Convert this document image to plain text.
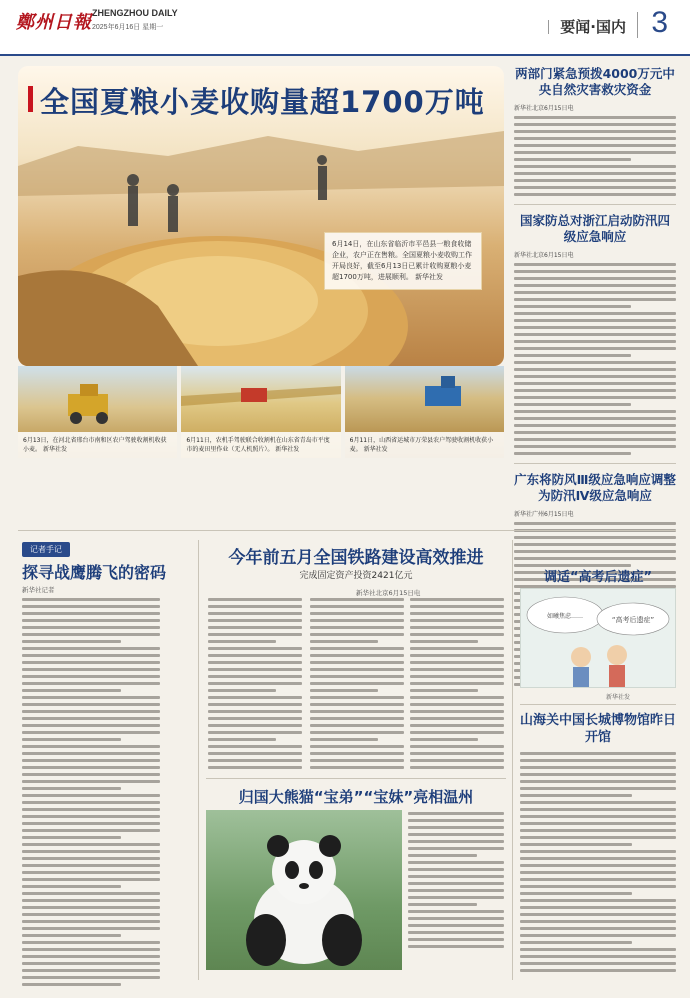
鄭州日報 ZHENGZHOU DAILY
2025年6月16日 星期一	要闻·国内 3
全国夏粮小麦收购量超1700万吨
6月14日，在山东省临沂市平邑县一粮食收储企业，农户正在售粮。全国夏粮小麦收购工作开局良好，截至6月13日已累计收购夏粮小麦超1700万吨，进展顺利。 新华社发
6月13日，在河北省邢台市南和区农户驾驶收割机收获小麦。 新华社发
6月11日，农机手驾驶联合收割机在山东省青岛市平度市的麦田里作业（无人机照片）。 新华社发
6月11日，山西省运城市万荣县农户驾驶收割机收获小麦。 新华社发
两部门紧急预拨4000万元中央自然灾害救灾资金
新华社北京6月15日电
国家防总对浙江启动防汛四级应急响应
新华社北京6月15日电
广东将防风Ⅲ级应急响应调整为防汛Ⅳ级应急响应
新华社广州6月15日电
记者手记
探寻战鹰腾飞的密码
新华社记者
今年前五月全国铁路建设高效推进
完成固定资产投资2421亿元
新华社北京6月15日电
归国大熊猫“宝弟”“宝妹”亮相温州
调适“高考后遗症”
如曦焦虑……	“高考后遗症”
新华社发
山海关中国长城博物馆昨日开馆
